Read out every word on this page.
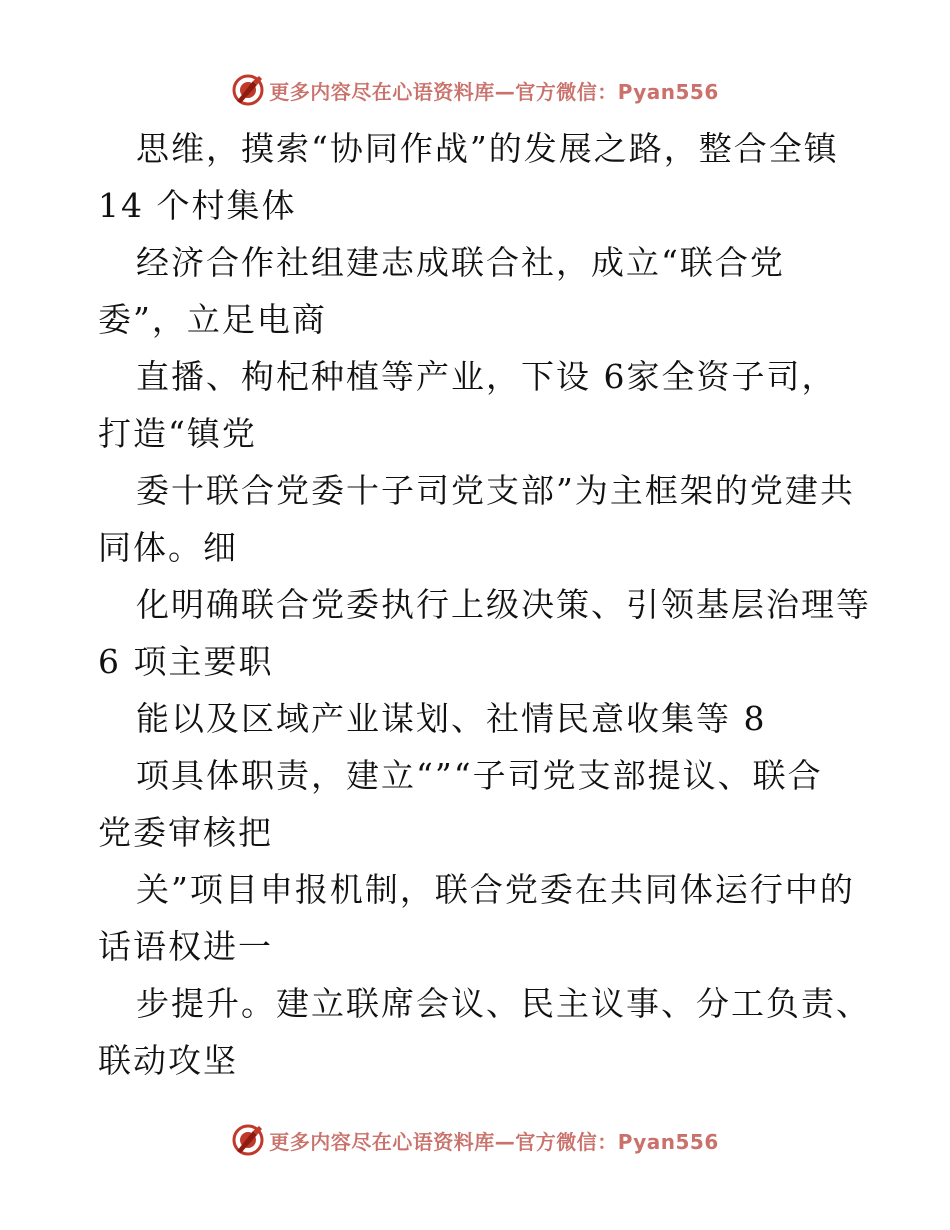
更多内容尽在心语资料库—官方微信：Pyan556
思维，摸索“协同作战”的发展之路，整合全镇
14 个村集体
经济合作社组建志成联合社，成立“联合党
委”，立足电商
直播、枸杞种植等产业，下设 6家全资子司，
打造“镇党
委十联合党委十子司党支部”为主框架的党建共
同体。细
化明确联合党委执行上级决策、引领基层治理等
6 项主要职
能以及区域产业谋划、社情民意收集等 8
项具体职责，建立“”“子司党支部提议、联合
党委审核把
关”项目申报机制，联合党委在共同体运行中的
话语权进一
步提升。建立联席会议、民主议事、分工负责、
联动攻坚
更多内容尽在心语资料库—官方微信：Pyan556
